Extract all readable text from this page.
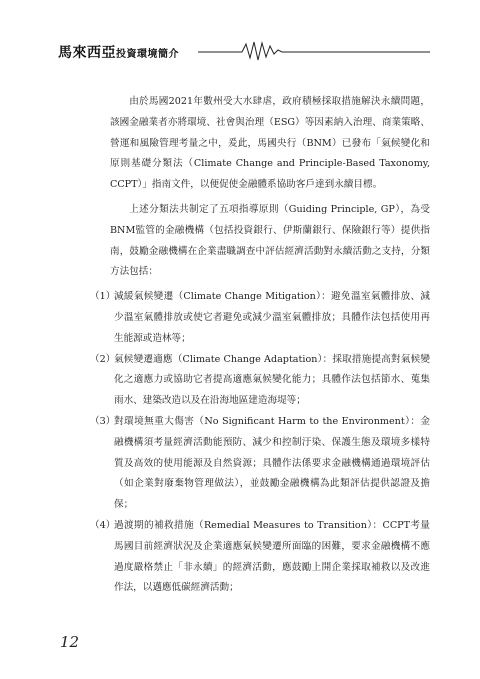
馬來西亞投資環境簡介

由於馬國2021年數州受大水肆虐，政府積極採取措施解決永續問題，該國金融業者亦將環境、社會與治理（ESG）等因素納入治理、商業策略、營運和風險管理考量之中，爰此，馬國央行（BNM）已發布「氣候變化和原則基礎分類法（Climate Change and Principle-Based Taxonomy, CCPT）」指南文件，以便促使金融體系協助客戶達到永續目標。

上述分類法共制定了五項指導原則（Guiding Principle, GP），為受BNM監管的金融機構（包括投資銀行、伊斯蘭銀行、保險銀行等）提供指南，鼓勵金融機構在企業盡職調查中評估經濟活動對永續活動之支持，分類方法包括：

（1）
減緩氣候變遷（Climate Change Mitigation）：避免溫室氣體排放、減少溫室氣體排放或使它者避免或減少溫室氣體排放；具體作法包括使用再生能源或造林等；
（2）
氣候變遷適應（Climate Change Adaptation）：採取措施提高對氣候變化之適應力或協助它者提高適應氣候變化能力；具體作法包括節水、蒐集雨水、建築改造以及在沿海地區建造海堤等；
（3）
對環境無重大傷害（No Significant Harm to the Environment）：金融機構須考量經濟活動能預防、減少和控制汙染、保護生態及環境多樣特質及高效的使用能源及自然資源；具體作法係要求金融機構通過環境評估（如企業對廢棄物管理做法），並鼓勵金融機構為此類評估提供認證及擔保；
（4）
過渡期的補救措施（Remedial Measures to Transition）：CCPT考量馬國目前經濟狀況及企業適應氣候變遷所面臨的困難，要求金融機構不應過度嚴格禁止「非永續」的經濟活動，應鼓勵上開企業採取補救以及改進作法，以邁應低碳經濟活動；
12
